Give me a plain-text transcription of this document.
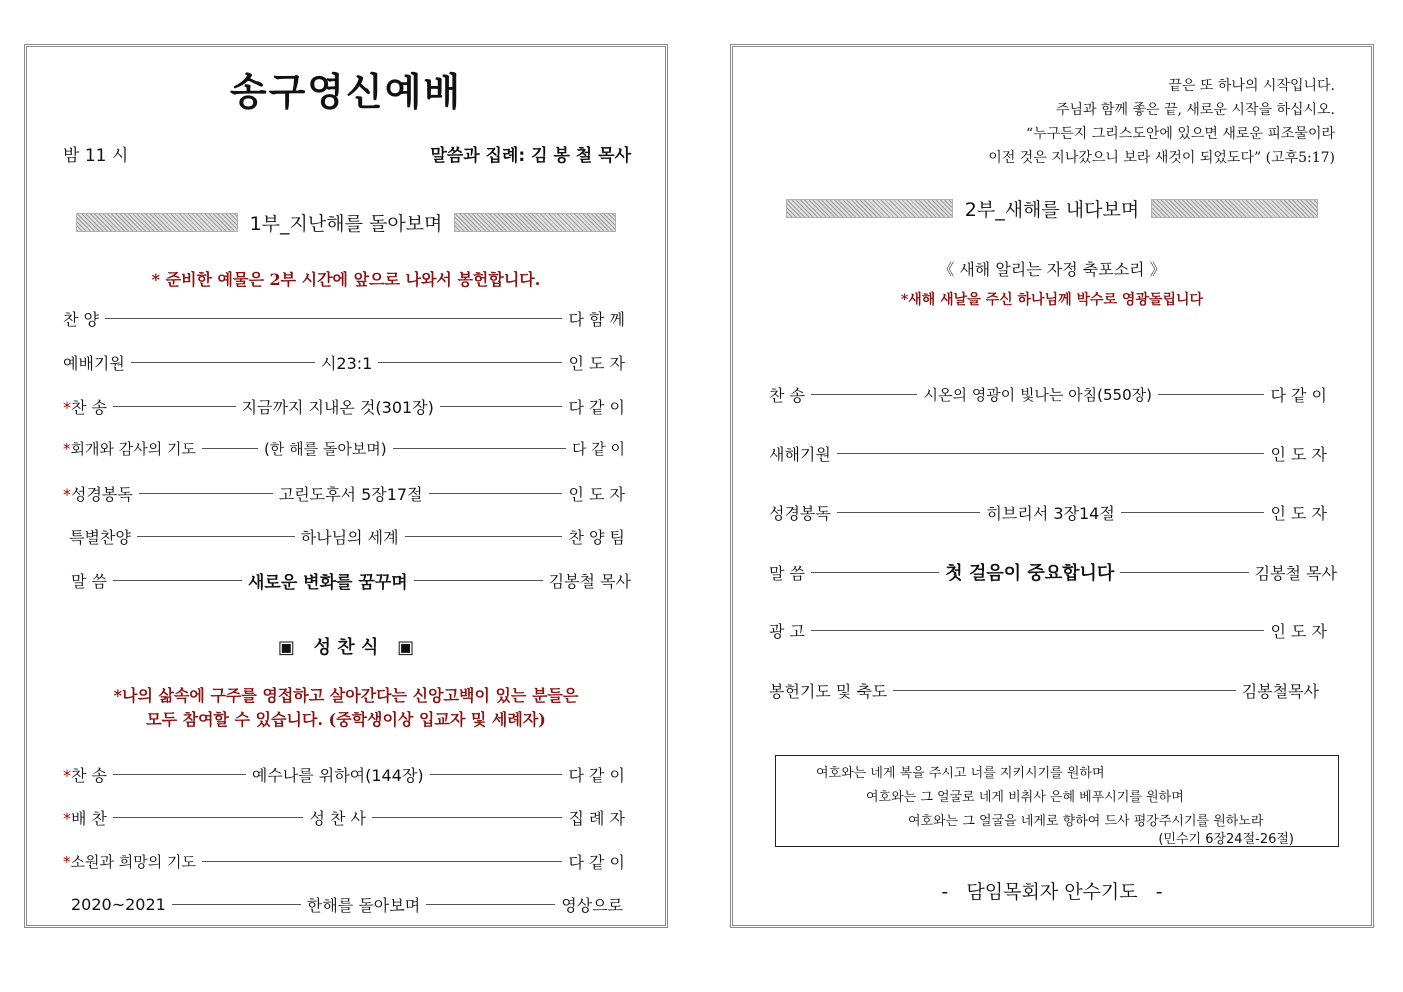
송구영신예배
밤 11 시	말씀과 집례: 김 봉 철 목사
1부_지난해를 돌아보며
* 준비한 예물은 2부 시간에 앞으로 나와서 봉헌합니다.
찬 양	다 함 께
예배기원	시23:1	인 도 자
*찬 송	지금까지 지내온 것(301장)	다 같 이
*회개와 감사의 기도	(한 해를 돌아보며)	다 같 이
*성경봉독	고린도후서 5장17절	인 도 자
특별찬양	하나님의 세계	찬 양 팀
말 씀	새로운 변화를 꿈꾸며	김봉철 목사
▣   성 찬 식   ▣
*나의 삶속에 구주를 영접하고 살아간다는 신앙고백이 있는 분들은
모두 참여할 수 있습니다. (중학생이상 입교자 및 세례자)
*찬 송	예수나를 위하여(144장)	다 같 이
*배 찬	성 찬 사	집 례 자
*소원과 희망의 기도	다 같 이
2020~2021	한해를 돌아보며	영상으로
끝은 또 하나의 시작입니다.
주님과 함께 좋은 끝, 새로운 시작을 하십시오.
“누구든지 그리스도안에 있으면 새로운 피조물이라
이전 것은 지나갔으니 보라 새것이 되었도다” (고후5:17)
2부_새해를 내다보며
《 새해 알리는 자정 축포소리 》
*새해 새날을 주신 하나님께 박수로 영광돌립니다
찬 송	시온의 영광이 빛나는 아침(550장)	다 같 이
새해기원	인 도 자
성경봉독	히브리서 3장14절	인 도 자
말 씀	첫 걸음이 중요합니다	김봉철 목사
광 고	인 도 자
봉헌기도 및 축도	김봉철목사
여호와는 네게 복을 주시고 너를 지키시기를 원하며
여호와는 그 얼굴로 네게 비취사 은혜 베푸시기를 원하며
여호와는 그 얼굴을 네게로 향하여 드사 평강주시기를 원하노라
(민수기 6장24절-26절)
-   담임목회자 안수기도   -
